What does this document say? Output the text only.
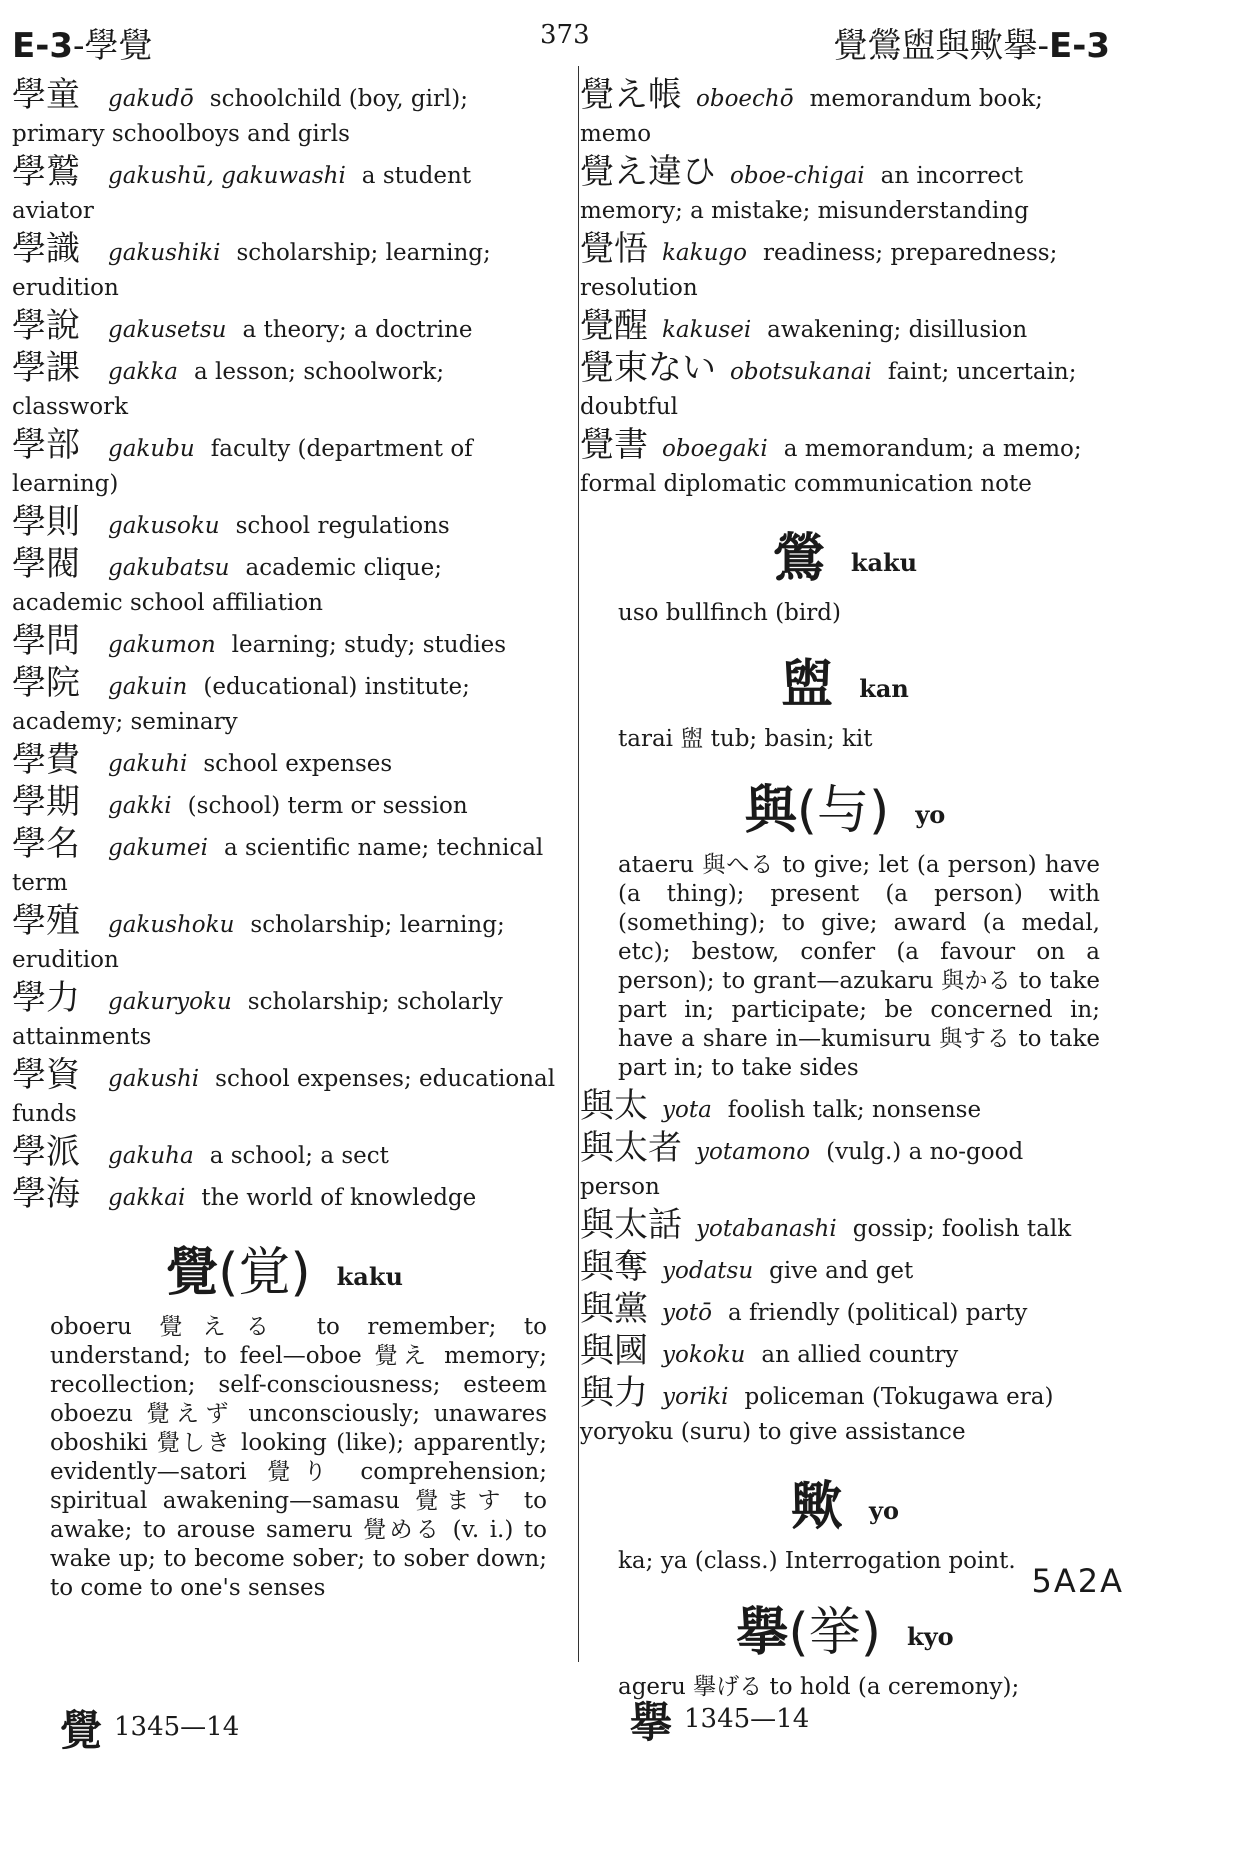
E-3-學覺	373	覺鶯盥與歟擧-E-3
學童 gakudō schoolchild (boy, girl); primary schoolboys and girls
學鷲 gakushū, gakuwashi a student aviator
學識 gakushiki scholarship; learning; erudition
學說 gakusetsu a theory; a doctrine
學課 gakka a lesson; schoolwork; classwork
學部 gakubu faculty (department of learning)
學則 gakusoku school regulations
學閥 gakubatsu academic clique; academic school affiliation
學問 gakumon learning; study; studies
學院 gakuin (educational) institute; academy; seminary
學費 gakuhi school expenses
學期 gakki (school) term or session
學名 gakumei a scientific name; technical term
學殖 gakushoku scholarship; learning; erudition
學力 gakuryoku scholarship; scholarly attainments
學資 gakushi school expenses; educational funds
學派 gakuha a school; a sect
學海 gakkai the world of knowledge
覺(覚) kaku
oboeru 覺える to remember; to understand; to feel—oboe 覺え memory; recollection; self-consciousness; esteem oboezu 覺えず unconsciously; unawares oboshiki 覺しき looking (like); apparently; evidently—satori 覺り comprehension; spiritual awakening—samasu 覺ます to awake; to arouse sameru 覺める (v. i.) to wake up; to become sober; to sober down; to come to one's senses
覺え帳 oboechō memorandum book; memo
覺え違ひ oboe-chigai an incorrect memory; a mistake; misunderstanding
覺悟 kakugo readiness; preparedness; resolution
覺醒 kakusei awakening; disillusion
覺束ない obotsukanai faint; uncertain; doubtful
覺書 oboegaki a memorandum; a memo; formal diplomatic communication note
鶯 kaku
uso bullfinch (bird)
盥 kan
tarai 盥 tub; basin; kit
與(与) yo
ataeru 與へる to give; let (a person) have (a thing); present (a person) with (something); to give; award (a medal, etc); bestow, confer (a favour on a person); to grant—azukaru 與かる to take part in; participate; be concerned in; have a share in—kumisuru 與する to take part in; to take sides
與太 yota foolish talk; nonsense
與太者 yotamono (vulg.) a no-good person
與太話 yotabanashi gossip; foolish talk
與奪 yodatsu give and get
與黨 yotō a friendly (political) party
與國 yokoku an allied country
與力 yoriki policeman (Tokugawa era) yoryoku (suru) to give assistance
歟 yo
ka; ya (class.) Interrogation point.
擧(挙) kyo
ageru 擧げる to hold (a ceremony);
5A2A
覺 1345—14	擧 1345—14
